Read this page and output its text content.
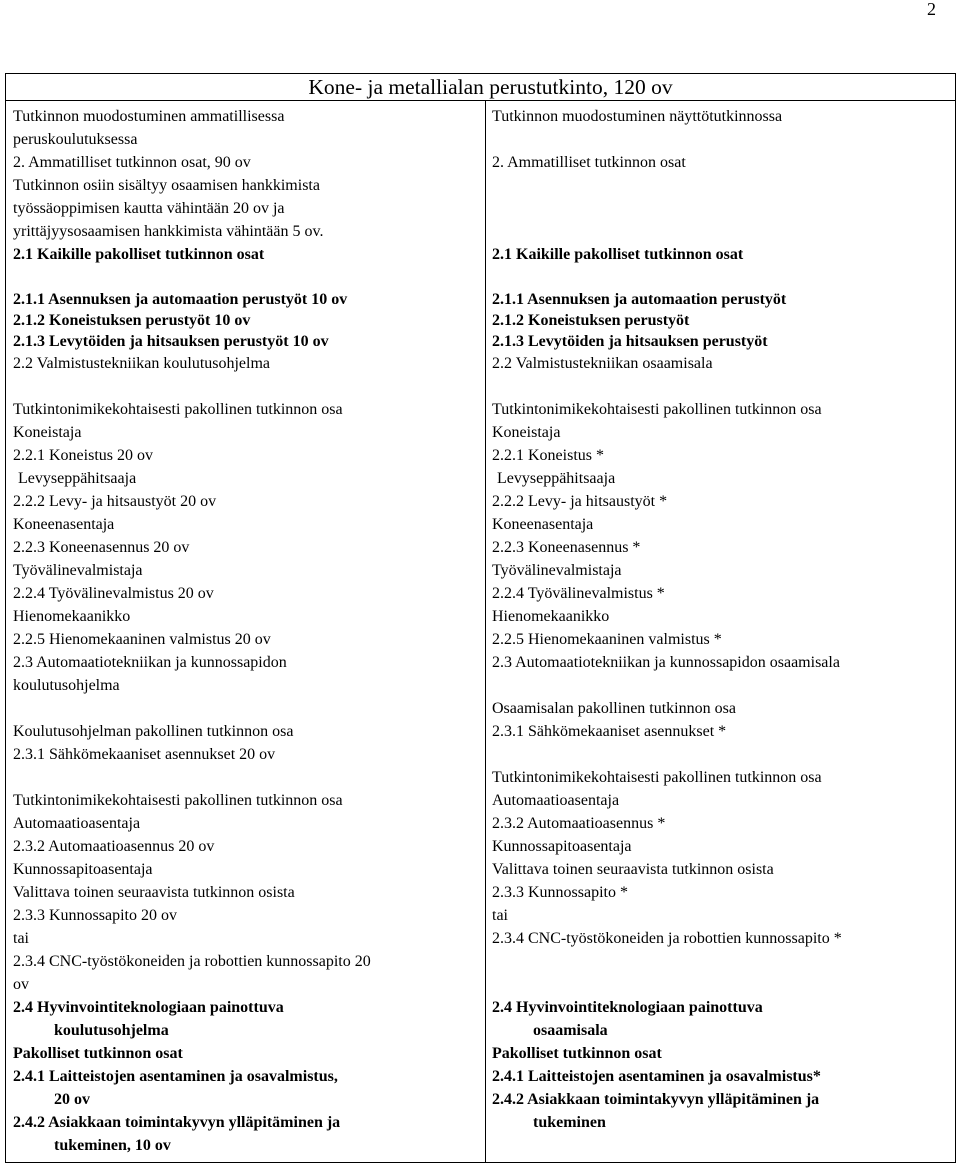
2
Kone- ja metallialan perustutkinto, 120 ov
Tutkinnon muodostuminen ammatillisessa
peruskoulutuksessa
2. Ammatilliset tutkinnon osat, 90 ov
Tutkinnon osiin sisältyy osaamisen hankkimista
työssäoppimisen kautta vähintään 20 ov ja
yrittäjyysosaamisen hankkimista vähintään 5 ov.
2.1 Kaikille pakolliset tutkinnon osat
2.1.1 Asennuksen ja automaation perustyöt 10 ov
2.1.2 Koneistuksen perustyöt 10 ov
2.1.3 Levytöiden ja hitsauksen perustyöt 10 ov
2.2 Valmistustekniikan koulutusohjelma
Tutkintonimikekohtaisesti pakollinen tutkinnon osa
Koneistaja
2.2.1 Koneistus 20 ov
Levyseppähitsaaja
2.2.2 Levy- ja hitsaustyöt 20 ov
Koneenasentaja
2.2.3 Koneenasennus 20 ov
Työvälinevalmistaja
2.2.4 Työvälinevalmistus 20 ov
Hienomekaanikko
2.2.5 Hienomekaaninen valmistus 20 ov
2.3 Automaatiotekniikan ja kunnossapidon
koulutusohjelma
Koulutusohjelman pakollinen tutkinnon osa
2.3.1 Sähkömekaaniset asennukset 20 ov
Tutkintonimikekohtaisesti pakollinen tutkinnon osa
Automaatioasentaja
2.3.2 Automaatioasennus 20 ov
Kunnossapitoasentaja
Valittava toinen seuraavista tutkinnon osista
2.3.3 Kunnossapito 20 ov
tai
2.3.4 CNC-työstökoneiden ja robottien kunnossapito 20
ov
2.4 Hyvinvointiteknologiaan painottuva
koulutusohjelma
Pakolliset tutkinnon osat
2.4.1 Laitteistojen asentaminen ja osavalmistus,
20 ov
2.4.2 Asiakkaan toimintakyvyn ylläpitäminen ja
tukeminen, 10 ov
Tutkinnon muodostuminen näyttötutkinnossa
2. Ammatilliset tutkinnon osat
2.1 Kaikille pakolliset tutkinnon osat
2.1.1 Asennuksen ja automaation perustyöt
2.1.2 Koneistuksen perustyöt
2.1.3 Levytöiden ja hitsauksen perustyöt
2.2 Valmistustekniikan osaamisala
Tutkintonimikekohtaisesti pakollinen tutkinnon osa
Koneistaja
2.2.1 Koneistus *
Levyseppähitsaaja
2.2.2 Levy- ja hitsaustyöt *
Koneenasentaja
2.2.3 Koneenasennus *
Työvälinevalmistaja
2.2.4 Työvälinevalmistus *
Hienomekaanikko
2.2.5 Hienomekaaninen valmistus *
2.3 Automaatiotekniikan ja kunnossapidon osaamisala
Osaamisalan pakollinen tutkinnon osa
2.3.1 Sähkömekaaniset asennukset *
Tutkintonimikekohtaisesti pakollinen tutkinnon osa
Automaatioasentaja
2.3.2 Automaatioasennus *
Kunnossapitoasentaja
Valittava toinen seuraavista tutkinnon osista
2.3.3 Kunnossapito *
tai
2.3.4 CNC-työstökoneiden ja robottien kunnossapito *
2.4 Hyvinvointiteknologiaan painottuva
osaamisala
Pakolliset tutkinnon osat
2.4.1 Laitteistojen asentaminen ja osavalmistus*
2.4.2 Asiakkaan toimintakyvyn ylläpitäminen ja
tukeminen
